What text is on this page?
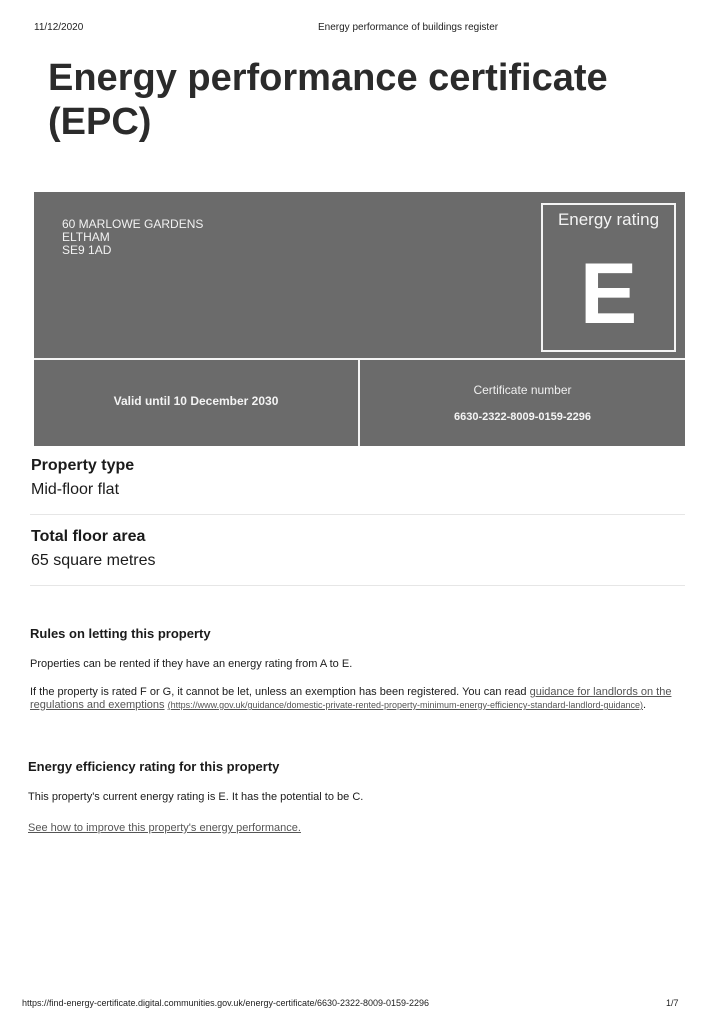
11/12/2020	Energy performance of buildings register
Energy performance certificate (EPC)
60 MARLOWE GARDENS
ELTHAM
SE9 1AD
Energy rating
E
Valid until 10 December 2030
Certificate number
6630-2322-8009-0159-2296
Property type
Mid-floor flat
Total floor area
65 square metres
Rules on letting this property
Properties can be rented if they have an energy rating from A to E.
If the property is rated F or G, it cannot be let, unless an exemption has been registered. You can read guidance for landlords on the regulations and exemptions (https://www.gov.uk/guidance/domestic-private-rented-property-minimum-energy-efficiency-standard-landlord-guidance).
Energy efficiency rating for this property
This property's current energy rating is E. It has the potential to be C.
See how to improve this property's energy performance.
https://find-energy-certificate.digital.communities.gov.uk/energy-certificate/6630-2322-8009-0159-2296	1/7
